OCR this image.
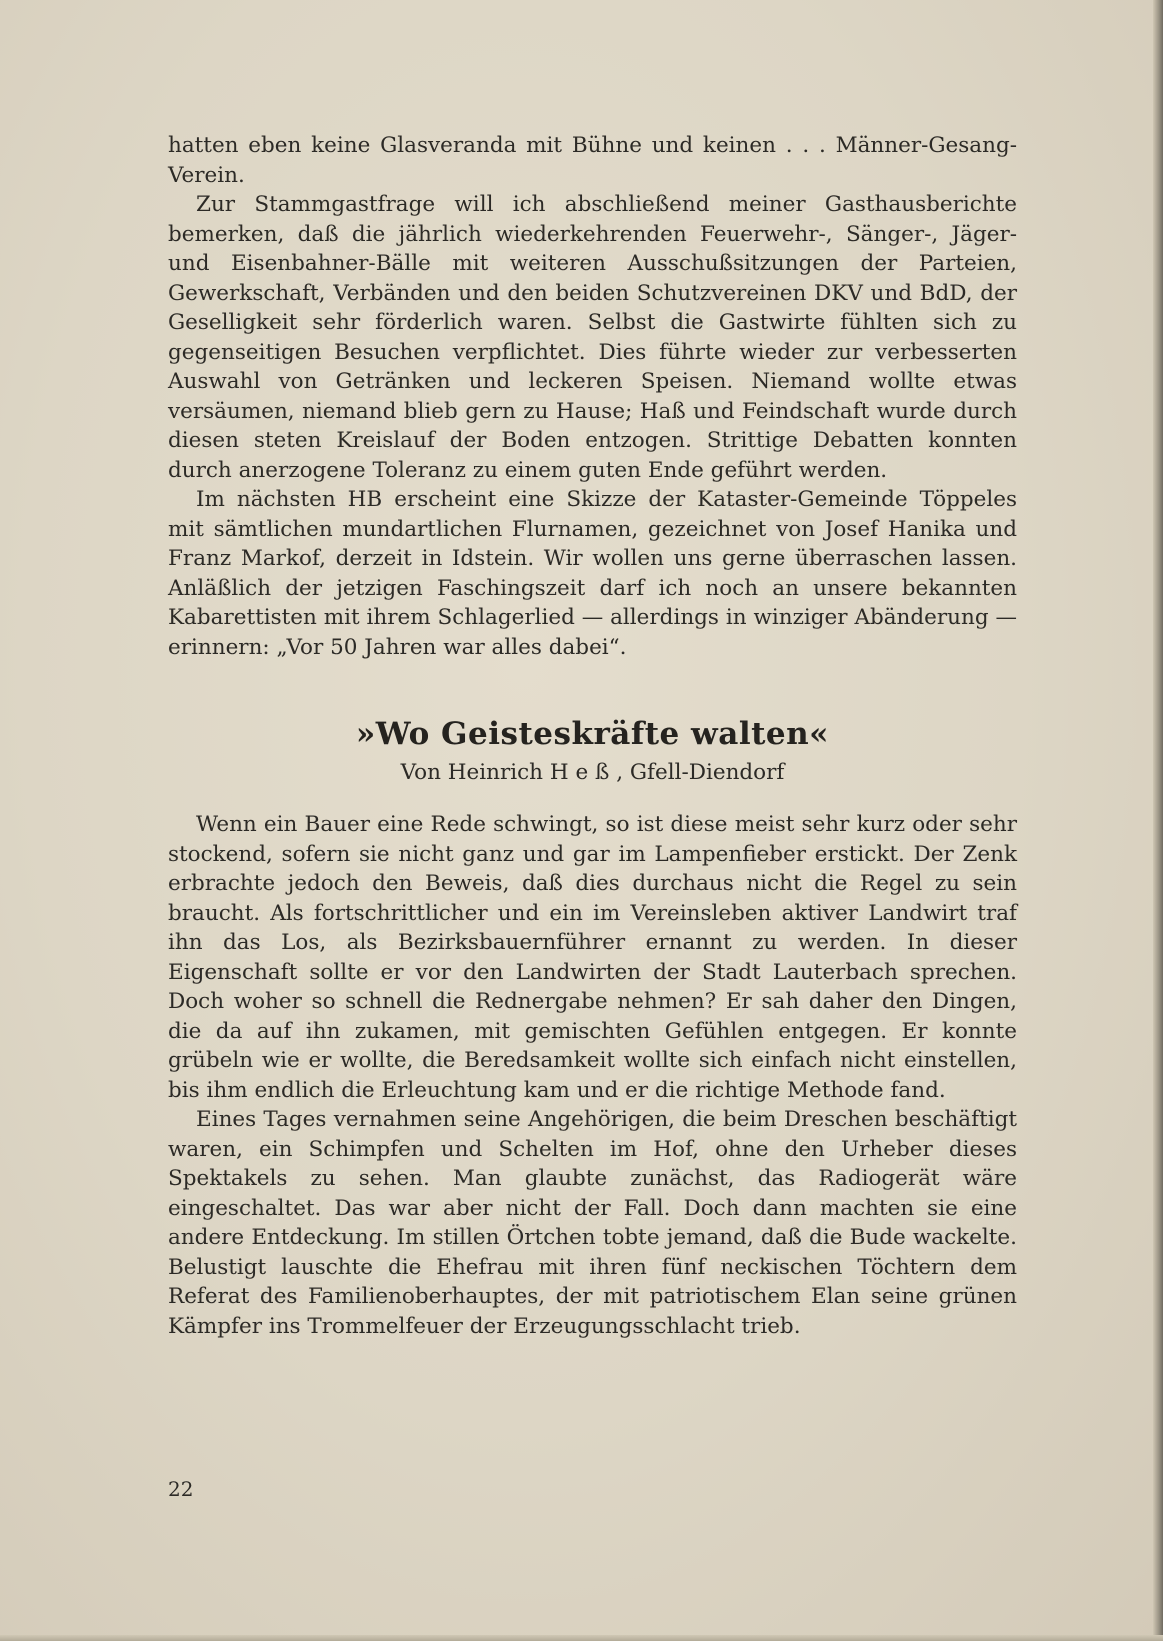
hatten eben keine Glasveranda mit Bühne und keinen . . . Männer-Gesang-Verein.

Zur Stammgastfrage will ich abschließend meiner Gasthausberichte bemerken, daß die jährlich wiederkehrenden Feuerwehr-, Sänger-, Jäger- und Eisenbahner-Bälle mit weiteren Ausschußsitzungen der Parteien, Gewerkschaft, Verbänden und den beiden Schutzvereinen DKV und BdD, der Geselligkeit sehr förderlich waren. Selbst die Gastwirte fühlten sich zu gegenseitigen Besuchen verpflichtet. Dies führte wieder zur verbesserten Auswahl von Getränken und leckeren Speisen. Niemand wollte etwas versäumen, niemand blieb gern zu Hause; Haß und Feindschaft wurde durch diesen steten Kreislauf der Boden entzogen. Strittige Debatten konnten durch anerzogene Toleranz zu einem guten Ende geführt werden.

Im nächsten HB erscheint eine Skizze der Kataster-Gemeinde Töppeles mit sämtlichen mundartlichen Flurnamen, gezeichnet von Josef Hanika und Franz Markof, derzeit in Idstein. Wir wollen uns gerne überraschen lassen. Anläßlich der jetzigen Faschingszeit darf ich noch an unsere bekannten Kabarettisten mit ihrem Schlagerlied — allerdings in winziger Abänderung — erinnern: „Vor 50 Jahren war alles dabei“.

»Wo Geisteskräfte walten«
Von Heinrich H e ß , Gfell-Diendorf

Wenn ein Bauer eine Rede schwingt, so ist diese meist sehr kurz oder sehr stockend, sofern sie nicht ganz und gar im Lampenfieber erstickt. Der Zenk erbrachte jedoch den Beweis, daß dies durchaus nicht die Regel zu sein braucht. Als fortschrittlicher und ein im Vereinsleben aktiver Landwirt traf ihn das Los, als Bezirksbauernführer ernannt zu werden. In dieser Eigenschaft sollte er vor den Landwirten der Stadt Lauterbach sprechen. Doch woher so schnell die Rednergabe nehmen? Er sah daher den Dingen, die da auf ihn zukamen, mit gemischten Gefühlen entgegen. Er konnte grübeln wie er wollte, die Beredsamkeit wollte sich einfach nicht einstellen, bis ihm endlich die Erleuchtung kam und er die richtige Methode fand.

Eines Tages vernahmen seine Angehörigen, die beim Dreschen beschäftigt waren, ein Schimpfen und Schelten im Hof, ohne den Urheber dieses Spektakels zu sehen. Man glaubte zunächst, das Radiogerät wäre eingeschaltet. Das war aber nicht der Fall. Doch dann machten sie eine andere Entdeckung. Im stillen Örtchen tobte jemand, daß die Bude wackelte. Belustigt lauschte die Ehefrau mit ihren fünf neckischen Töchtern dem Referat des Familienoberhauptes, der mit patriotischem Elan seine grünen Kämpfer ins Trommelfeuer der Erzeugungsschlacht trieb.

22
